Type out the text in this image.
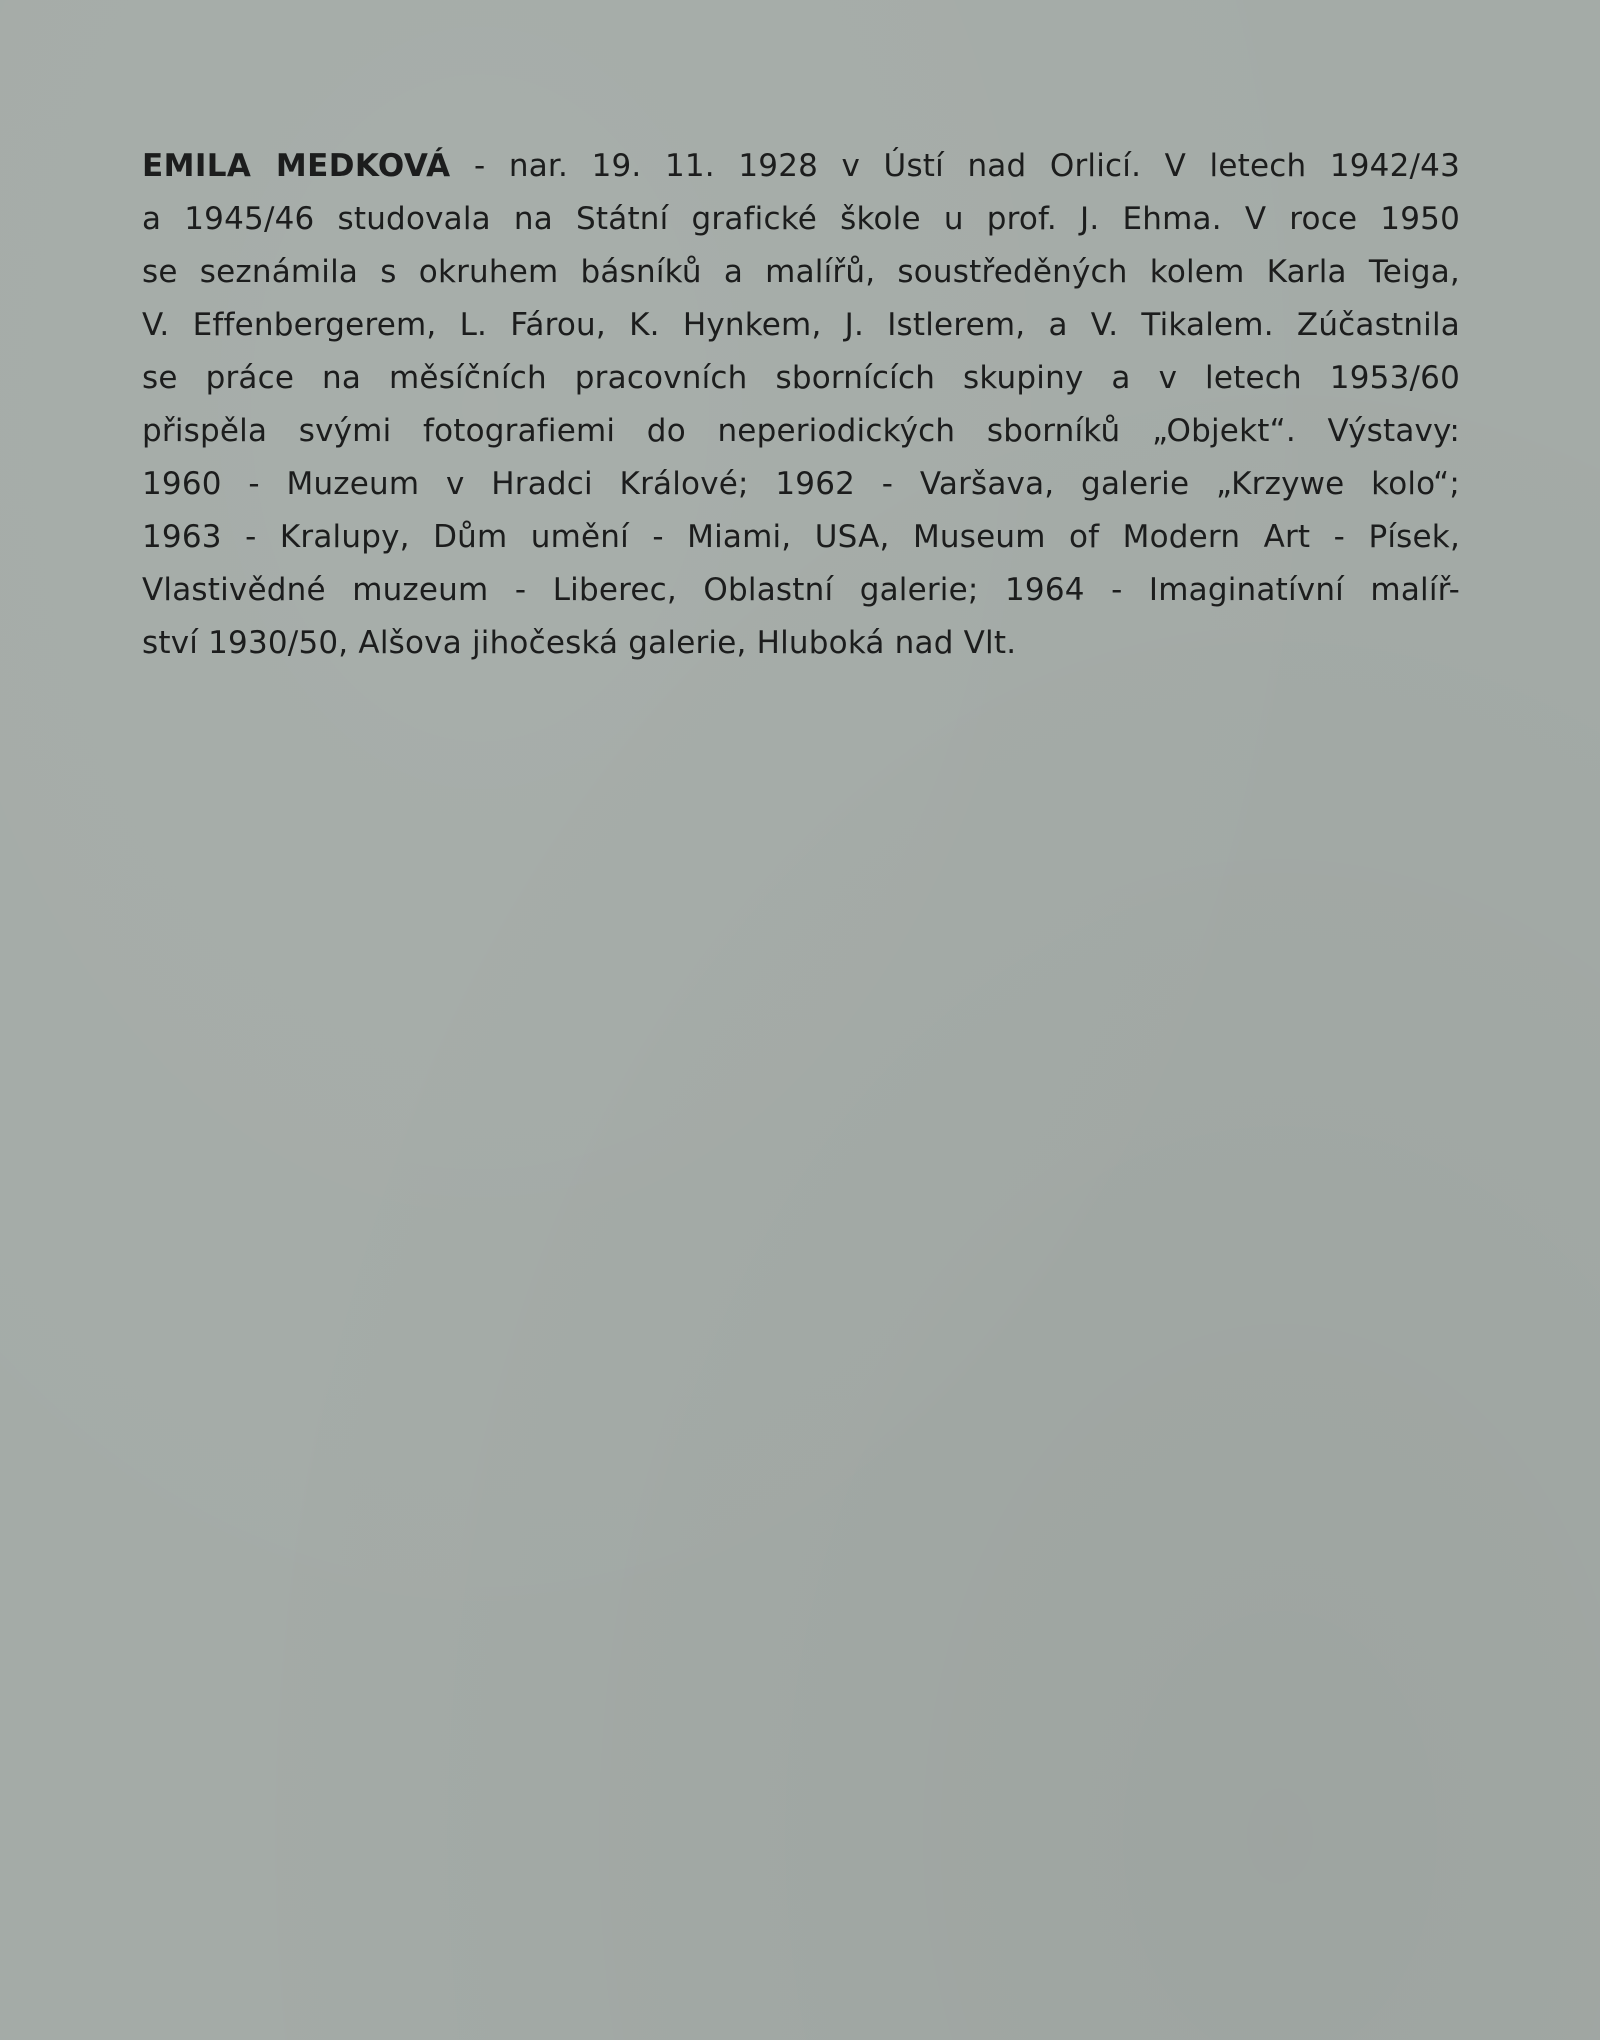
EMILA MEDKOVÁ - nar. 19. 11. 1928 v Ústí nad Orlicí. V letech 1942/43
a 1945/46 studovala na Státní grafické škole u prof. J. Ehma. V roce 1950
se seznámila s okruhem básníků a malířů, soustředěných kolem Karla Teiga,
V. Effenbergerem, L. Fárou, K. Hynkem, J. Istlerem, a V. Tikalem. Zúčastnila
se práce na měsíčních pracovních sbornících skupiny a v letech 1953/60
přispěla svými fotografiemi do neperiodických sborníků „Objekt“. Výstavy:
1960 - Muzeum v Hradci Králové; 1962 - Varšava, galerie „Krzywe kolo“;
1963 - Kralupy, Dům umění - Miami, USA, Museum of Modern Art - Písek,
Vlastivědné muzeum - Liberec, Oblastní galerie; 1964 - Imaginatívní malíř-
ství 1930/50, Alšova jihočeská galerie, Hluboká nad Vlt.
